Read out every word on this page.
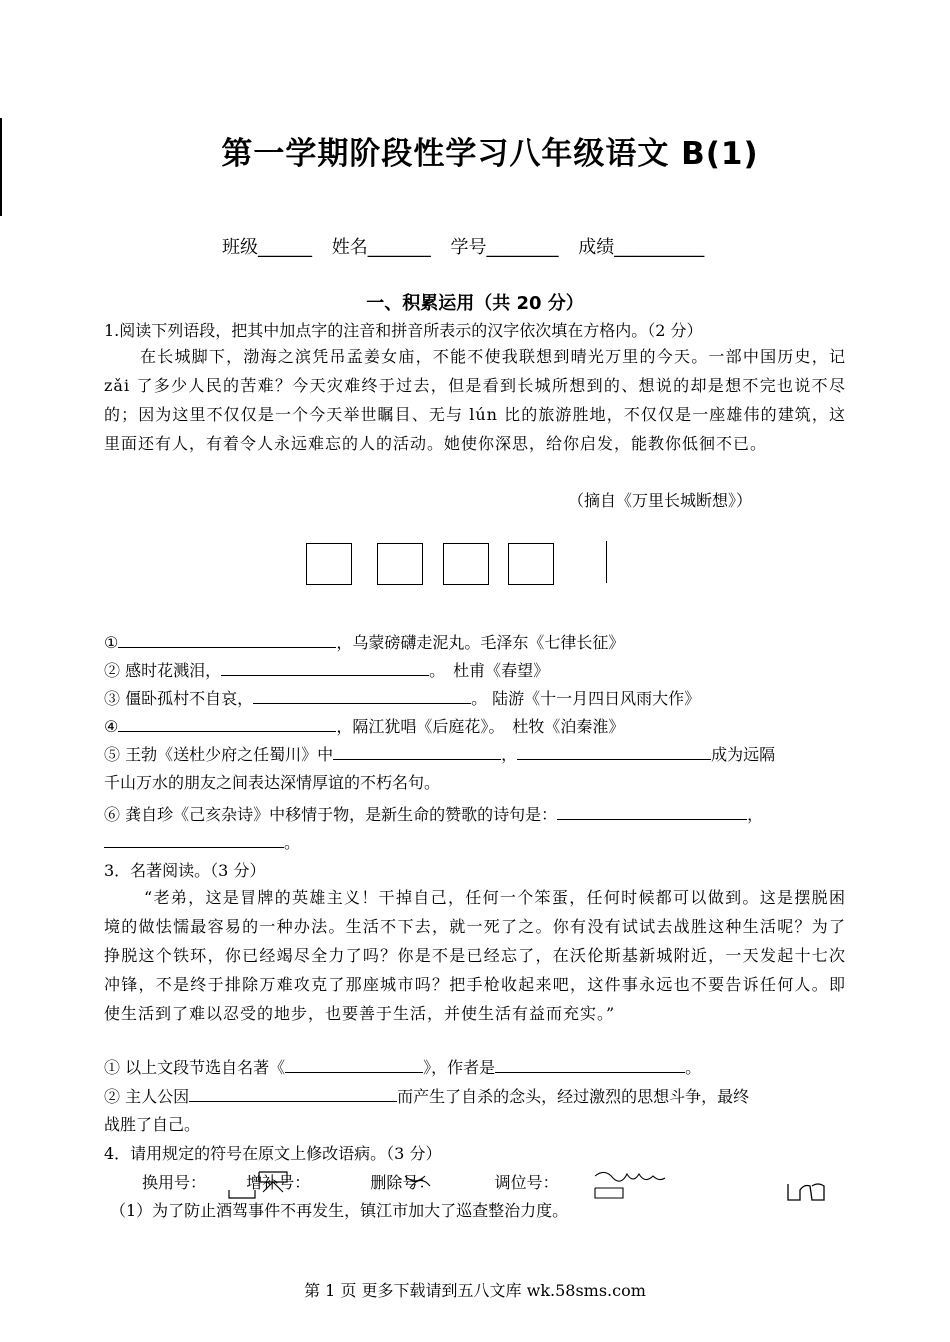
第一学期阶段性学习八年级语文 B(1)
班级______ 姓名_______ 学号________ 成绩__________
一、积累运用（共 20 分）
1.阅读下列语段，把其中加点字的注音和拼音所表示的汉字依次填在方格内。（2 分）
在长城脚下，渤海之滨凭吊孟姜女庙，不能不使我联想到晴光万里的今天。一部中国历史，记 zǎi 了多少人民的苦难？今天灾难终于过去，但是看到长城所想到的、想说的却是想不完也说不尽的；因为这里不仅仅是一个今天举世瞩目、无与 lún 比的旅游胜地，不仅仅是一座雄伟的建筑，这里面还有人，有着令人永远难忘的人的活动。她使你深思，给你启发，能教你低徊不已。
（摘自《万里长城断想》）
①	，乌蒙磅礴走泥丸。毛泽东《七律长征》
② 感时花溅泪，	。　杜甫《春望》
③ 僵卧孤村不自哀，	。 陆游《十一月四日风雨大作》
④	，隔江犹唱《后庭花》。　杜牧《泊秦淮》
⑤ 王勃《送杜少府之任蜀川》中	，	成为远隔
千山万水的朋友之间表达深情厚谊的不朽名句。
⑥ 龚自珍《己亥杂诗》中移情于物，是新生命的赞歌的诗句是：	，
。
3．名著阅读。（3 分）
“老弟，这是冒牌的英雄主义！干掉自己，任何一个笨蛋，任何时候都可以做到。这是摆脱困境的做怯懦最容易的一种办法。生活不下去，就一死了之。你有没有试试去战胜这种生活呢？为了挣脱这个铁环，你已经竭尽全力了吗？你是不是已经忘了，在沃伦斯基新城附近，一天发起十七次冲锋，不是终于排除万难攻克了那座城市吗？把手枪收起来吧，这件事永远也不要告诉任何人。即使生活到了难以忍受的地步，也要善于生活，并使生活有益而充实。”
① 以上文段节选自名著《	》，作者是	。
② 主人公因	而产生了自杀的念头，经过激烈的思想斗争，最终
战胜了自己。
4．请用规定的符号在原文上修改语病。（3 分）
换用号：	增补号：	删除号：	调位号：
（1）为了防止酒驾事件不再发生，镇江市加大了巡查整治力度。
第 1 页 更多下载请到五八文库 wk.58sms.com
